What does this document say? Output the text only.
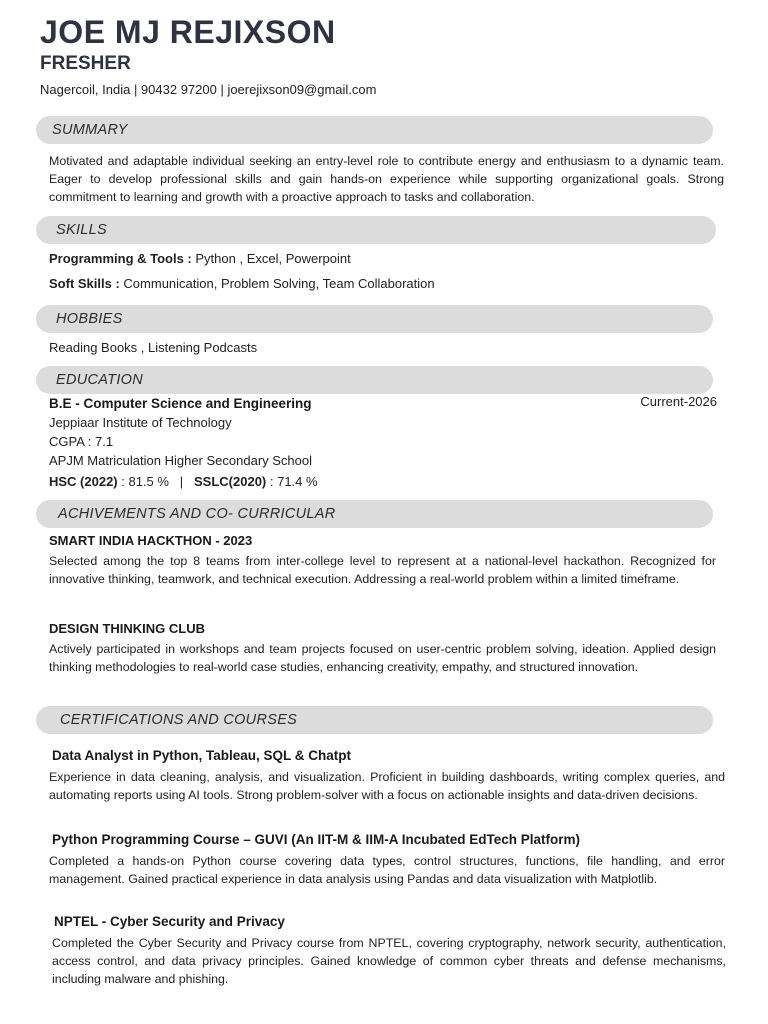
JOE MJ REJIXSON
FRESHER
Nagercoil, India | 90432 97200 | joerejixson09@gmail.com
SUMMARY
Motivated and adaptable individual seeking an entry-level role to contribute energy and enthusiasm to a dynamic team. Eager to develop professional skills and gain hands-on experience while supporting organizational goals. Strong commitment to learning and growth with a proactive approach to tasks and collaboration.
SKILLS
Programming & Tools : Python , Excel, Powerpoint
Soft Skills : Communication, Problem Solving, Team Collaboration
HOBBIES
Reading Books , Listening Podcasts
EDUCATION
B.E - Computer Science and Engineering	Current-2026
Jeppiaar Institute of Technology
CGPA : 7.1
APJM Matriculation Higher Secondary School
HSC (2022) : 81.5 %   |   SSLC(2020) : 71.4 %
ACHIVEMENTS AND CO- CURRICULAR
SMART INDIA HACKTHON - 2023
Selected among the top 8 teams from inter-college level to represent at a national-level hackathon. Recognized for innovative thinking, teamwork, and technical execution. Addressing a real-world problem within a limited timeframe.
DESIGN THINKING CLUB
Actively participated in workshops and team projects focused on user-centric problem solving, ideation. Applied design thinking methodologies to real-world case studies, enhancing creativity, empathy, and structured innovation.
CERTIFICATIONS AND COURSES
Data Analyst in Python, Tableau, SQL & Chatpt
Experience in data cleaning, analysis, and visualization. Proficient in building dashboards, writing complex queries, and automating reports using AI tools. Strong problem-solver with a focus on actionable insights and data-driven decisions.
Python Programming Course – GUVI (An IIT-M & IIM-A Incubated EdTech Platform)
Completed a hands-on Python course covering data types, control structures, functions, file handling, and error management. Gained practical experience in data analysis using Pandas and data visualization with Matplotlib.
NPTEL - Cyber Security and Privacy
Completed the Cyber Security and Privacy course from NPTEL, covering cryptography, network security, authentication, access control, and data privacy principles. Gained knowledge of common cyber threats and defense mechanisms, including malware and phishing.
